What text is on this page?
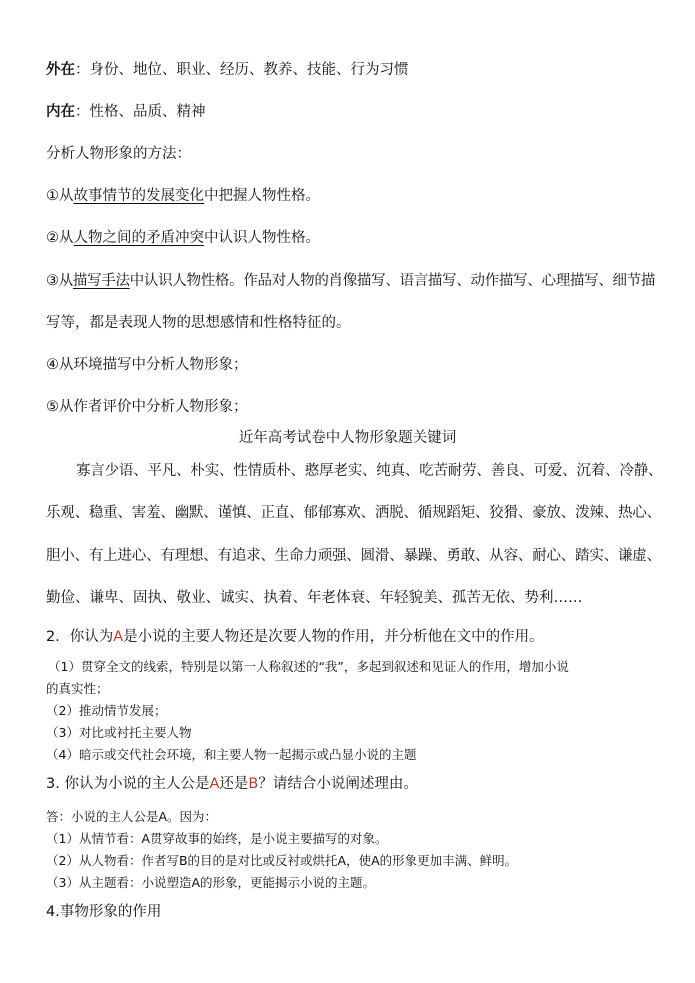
外在：身份、地位、职业、经历、教养、技能、行为习惯
内在：性格、品质、精神
分析人物形象的方法：
①从故事情节的发展变化中把握人物性格。
②从人物之间的矛盾冲突中认识人物性格。
③从描写手法中认识人物性格。作品对人物的肖像描写、语言描写、动作描写、心理描写、细节描
写等，都是表现人物的思想感情和性格特征的。
④从环境描写中分析人物形象；
⑤从作者评价中分析人物形象；
近年高考试卷中人物形象题关键词
寡言少语、平凡、朴实、性情质朴、憨厚老实、纯真、吃苦耐劳、善良、可爱、沉着、冷静、
乐观、稳重、害羞、幽默、谨慎、正直、郁郁寡欢、洒脱、循规蹈矩、狡猾、豪放、泼辣、热心、
胆小、有上进心、有理想、有追求、生命力顽强、圆滑、暴躁、勇敢、从容、耐心、踏实、谦虚、
勤俭、谦卑、固执、敬业、诚实、执着、年老体衰、年轻貌美、孤苦无依、势利……
2．你认为A是小说的主要人物还是次要人物的作用，并分析他在文中的作用。
（1）贯穿全文的线索，特别是以第一人称叙述的“我”，多起到叙述和见证人的作用，增加小说
的真实性；
（2）推动情节发展；
（3）对比或衬托主要人物
（4）暗示或交代社会环境，和主要人物一起揭示或凸显小说的主题
3. 你认为小说的主人公是A还是B？请结合小说阐述理由。
答：小说的主人公是A。因为：
（1）从情节看：A贯穿故事的始终，是小说主要描写的对象。
（2）从人物看：作者写B的目的是对比或反衬或烘托A，使A的形象更加丰满、鲜明。
（3）从主题看：小说塑造A的形象，更能揭示小说的主题。
4.事物形象的作用
